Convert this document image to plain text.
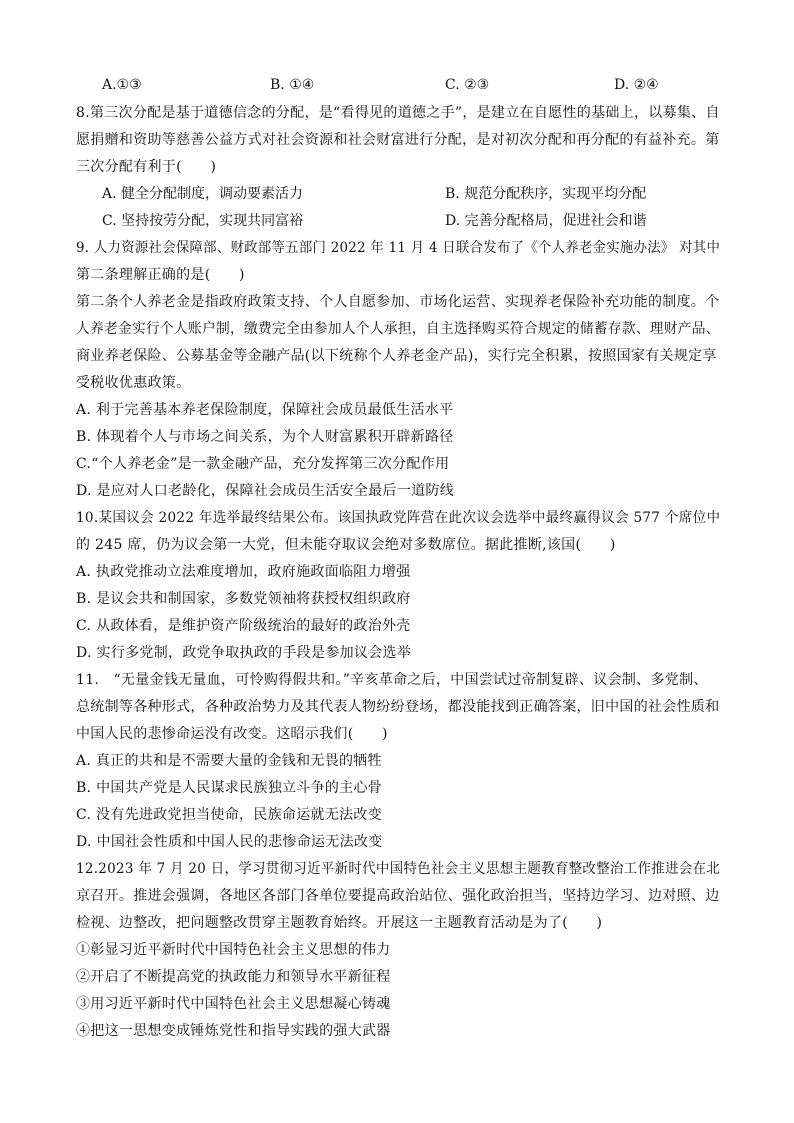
A.①③	B. ①④	C. ②③	D. ②④
8.第三次分配是基于道德信念的分配，是“看得见的道德之手”，是建立在自愿性的基础上，以募集、自
愿捐赠和资助等慈善公益方式对社会资源和社会财富进行分配，是对初次分配和再分配的有益补充。第
三次分配有利于(　　)
A. 健全分配制度，调动要素活力	B. 规范分配秩序，实现平均分配
C. 坚持按劳分配，实现共同富裕	D. 完善分配格局，促进社会和谐
9. 人力资源社会保障部、财政部等五部门 2022 年 11 月 4 日联合发布了《个人养老金实施办法》 对其中
第二条理解正确的是(　　)
第二条个人养老金是指政府政策支持、个人自愿参加、市场化运营、实现养老保险补充功能的制度。个
人养老金实行个人账户制，缴费完全由参加人个人承担，自主选择购买符合规定的储蓄存款、理财产品、
商业养老保险、公募基金等金融产品(以下统称个人养老金产品)，实行完全积累，按照国家有关规定享
受税收优惠政策。
A. 利于完善基本养老保险制度，保障社会成员最低生活水平
B. 体现着个人与市场之间关系，为个人财富累积开辟新路径
C.“个人养老金”是一款金融产品，充分发挥第三次分配作用
D. 是应对人口老龄化，保障社会成员生活安全最后一道防线
10.某国议会 2022 年选举最终结果公布。该国执政党阵营在此次议会选举中最终赢得议会 577 个席位中
的 245 席，仍为议会第一大党，但未能夺取议会绝对多数席位。据此推断,该国(　　)
A. 执政党推动立法难度增加，政府施政面临阻力增强
B. 是议会共和制国家，多数党领袖将获授权组织政府
C. 从政体看，是维护资产阶级统治的最好的政治外壳
D. 实行多党制，政党争取执政的手段是参加议会选举
11.　“无量金钱无量血，可怜购得假共和。”辛亥革命之后，中国尝试过帝制复辟、议会制、多党制、
总统制等各种形式，各种政治势力及其代表人物纷纷登场，都没能找到正确答案，旧中国的社会性质和
中国人民的悲惨命运没有改变。这昭示我们(　　)
A. 真正的共和是不需要大量的金钱和无畏的牺牲
B. 中国共产党是人民谋求民族独立斗争的主心骨
C. 没有先进政党担当使命，民族命运就无法改变
D. 中国社会性质和中国人民的悲惨命运无法改变
12.2023 年 7 月 20 日，学习贯彻习近平新时代中国特色社会主义思想主题教育整改整治工作推进会在北
京召开。推进会强调，各地区各部门各单位要提高政治站位、强化政治担当，坚持边学习、边对照、边
检视、边整改，把问题整改贯穿主题教育始终。开展这一主题教育活动是为了(　　)
①彰显习近平新时代中国特色社会主义思想的伟力
②开启了不断提高党的执政能力和领导水平新征程
③用习近平新时代中国特色社会主义思想凝心铸魂
④把这一思想变成锤炼党性和指导实践的强大武器
